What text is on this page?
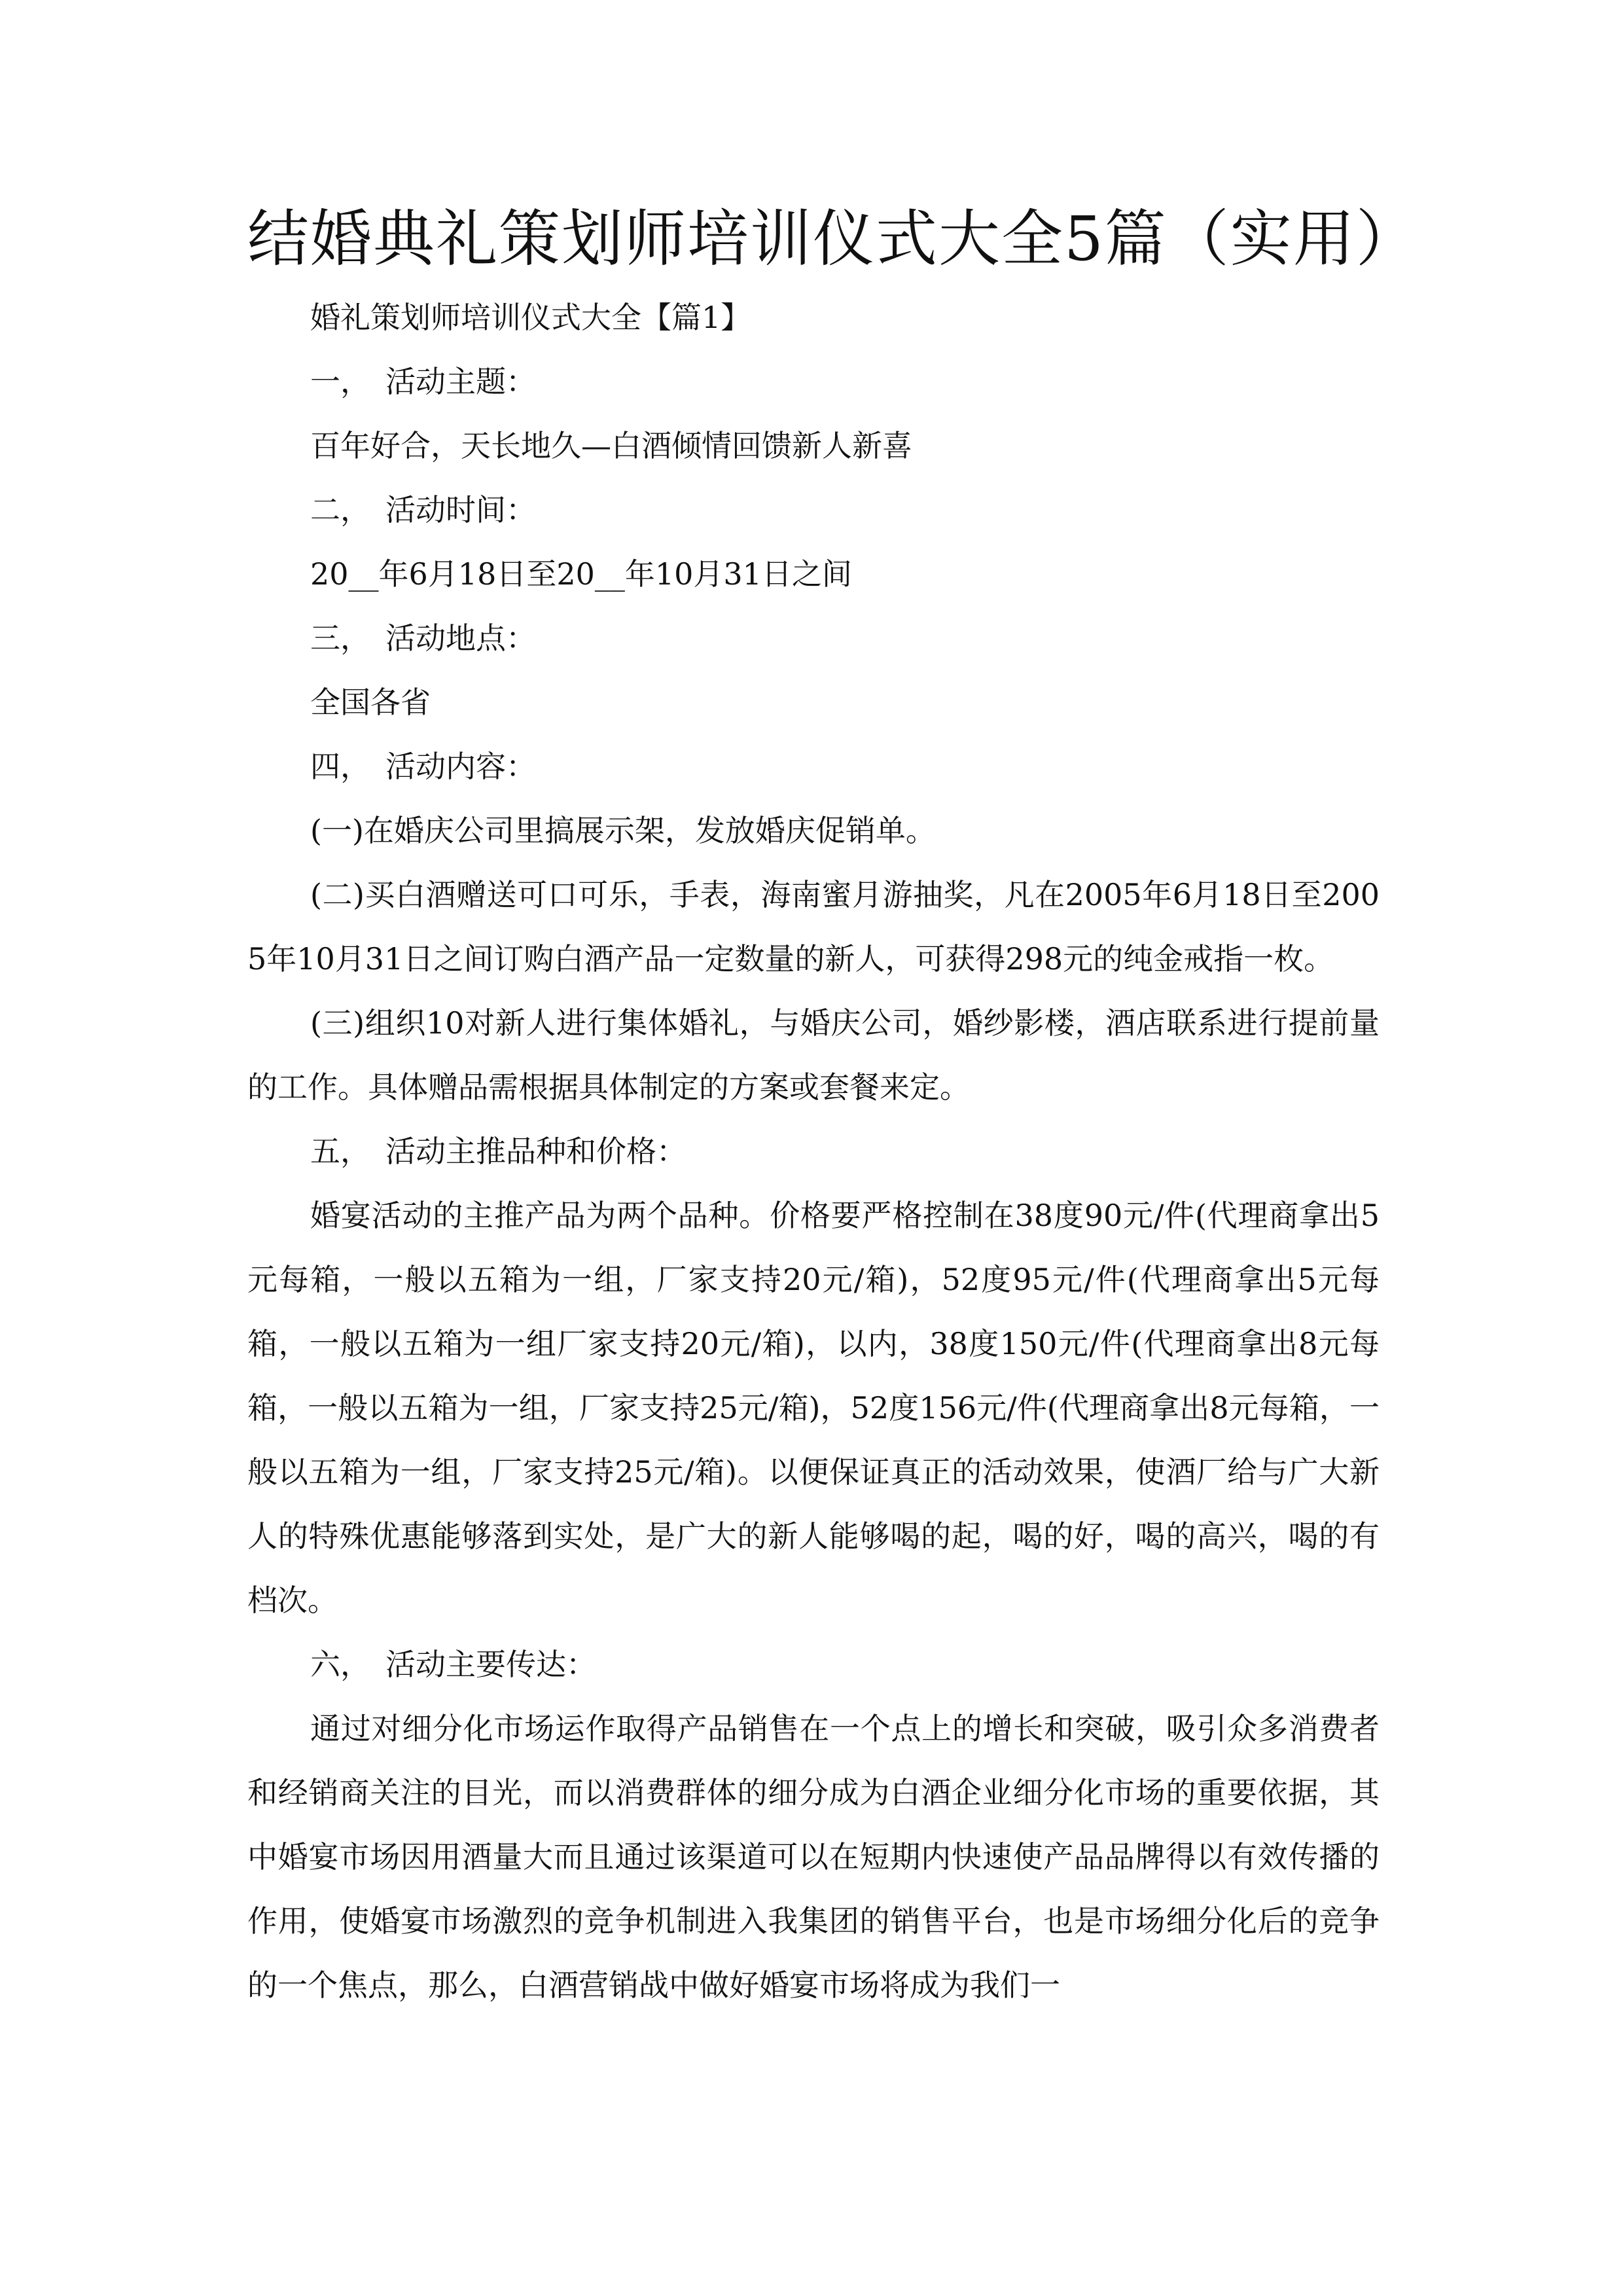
结婚典礼策划师培训仪式大全5篇（实用）

婚礼策划师培训仪式大全【篇1】

一，　活动主题：

百年好合，天长地久—白酒倾情回馈新人新喜

二，　活动时间：

20__年6月18日至20__年10月31日之间

三，　活动地点：

全国各省

四，　活动内容：

(一)在婚庆公司里搞展示架，发放婚庆促销单。

(二)买白酒赠送可口可乐，手表，海南蜜月游抽奖，凡在2005年6月18日至2005年10月31日之间订购白酒产品一定数量的新人，可获得298元的纯金戒指一枚。

(三)组织10对新人进行集体婚礼，与婚庆公司，婚纱影楼，酒店联系进行提前量的工作。具体赠品需根据具体制定的方案或套餐来定。

五，　活动主推品种和价格：

婚宴活动的主推产品为两个品种。价格要严格控制在38度90元/件(代理商拿出5元每箱，一般以五箱为一组，厂家支持20元/箱)，52度95元/件(代理商拿出5元每箱，一般以五箱为一组厂家支持20元/箱)，以内，38度150元/件(代理商拿出8元每箱，一般以五箱为一组，厂家支持25元/箱)，52度156元/件(代理商拿出8元每箱，一般以五箱为一组，厂家支持25元/箱)。以便保证真正的活动效果，使酒厂给与广大新人的特殊优惠能够落到实处，是广大的新人能够喝的起，喝的好，喝的高兴，喝的有档次。

六，　活动主要传达：

通过对细分化市场运作取得产品销售在一个点上的增长和突破，吸引众多消费者和经销商关注的目光，而以消费群体的细分成为白酒企业细分化市场的重要依据，其中婚宴市场因用酒量大而且通过该渠道可以在短期内快速使产品品牌得以有效传播的作用，使婚宴市场激烈的竞争机制进入我集团的销售平台，也是市场细分化后的竞争的一个焦点，那么，白酒营销战中做好婚宴市场将成为我们一
